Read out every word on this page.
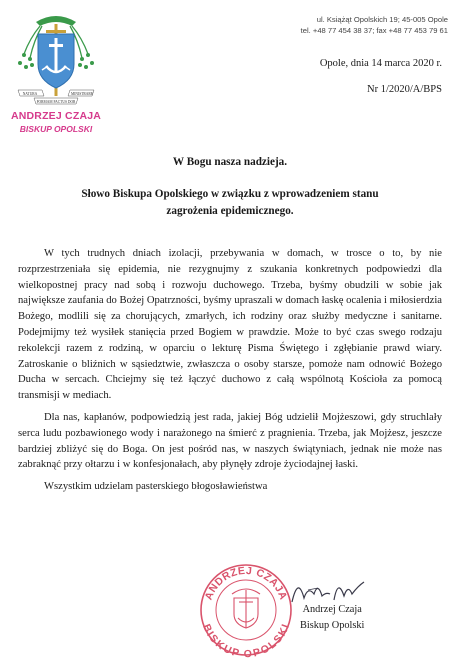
NATURA	MINISTRARE
FORMAM FACTUS DOR
ANDRZEJ CZAJA
BISKUP OPOLSKI
ul. Książąt Opolskich 19; 45-005 Opole
tel. +48 77 454 38 37; fax +48 77 453 79 61
Opole, dnia 14 marca 2020 r.
Nr 1/2020/A/BPS
W Bogu nasza nadzieja.
Słowo Biskupa Opolskiego w związku z wprowadzeniem stanu
zagrożenia epidemicznego.

W tych trudnych dniach izolacji, przebywania w domach, w trosce o to, by nie rozprzestrzeniała się epidemia, nie rezygnujmy z szukania konkretnych podpowiedzi dla wielkopostnej pracy nad sobą i rozwoju duchowego. Trzeba, byśmy obudzili w sobie jak największe zaufania do Bożej Opatrzności, byśmy upraszali w domach łaskę ocalenia i miłosierdzia Bożego, modlili się za chorujących, zmarłych, ich rodziny oraz służby medyczne i sanitarne. Podejmijmy też wysiłek stanięcia przed Bogiem w prawdzie. Może to być czas swego rodzaju rekolekcji razem z rodziną, w oparciu o lekturę Pisma Świętego i zgłębianie prawd wiary. Zatroskanie o bliźnich w sąsiedztwie, zwłaszcza o osoby starsze, pomoże nam odnowić Bożego Ducha w sercach. Chciejmy się też łączyć duchowo z całą wspólnotą Kościoła za pomocą transmisji w mediach.

Dla nas, kapłanów, podpowiedzią jest rada, jakiej Bóg udzielił Mojżeszowi, gdy struchlały serca ludu pozbawionego wody i narażonego na śmierć z pragnienia. Trzeba, jak Mojżesz, jeszcze bardziej zbliżyć się do Boga. On jest pośród nas, w naszych świątyniach, jednak nie może nas zabraknąć przy ołtarzu i w konfesjonałach, aby płynęły zdroje życiodajnej łaski.

Wszystkim udzielam pasterskiego błogosławieństwa

ANDRZEJ CZAJA
BISKUP OPOLSKI
Andrzej Czaja
Biskup Opolski
